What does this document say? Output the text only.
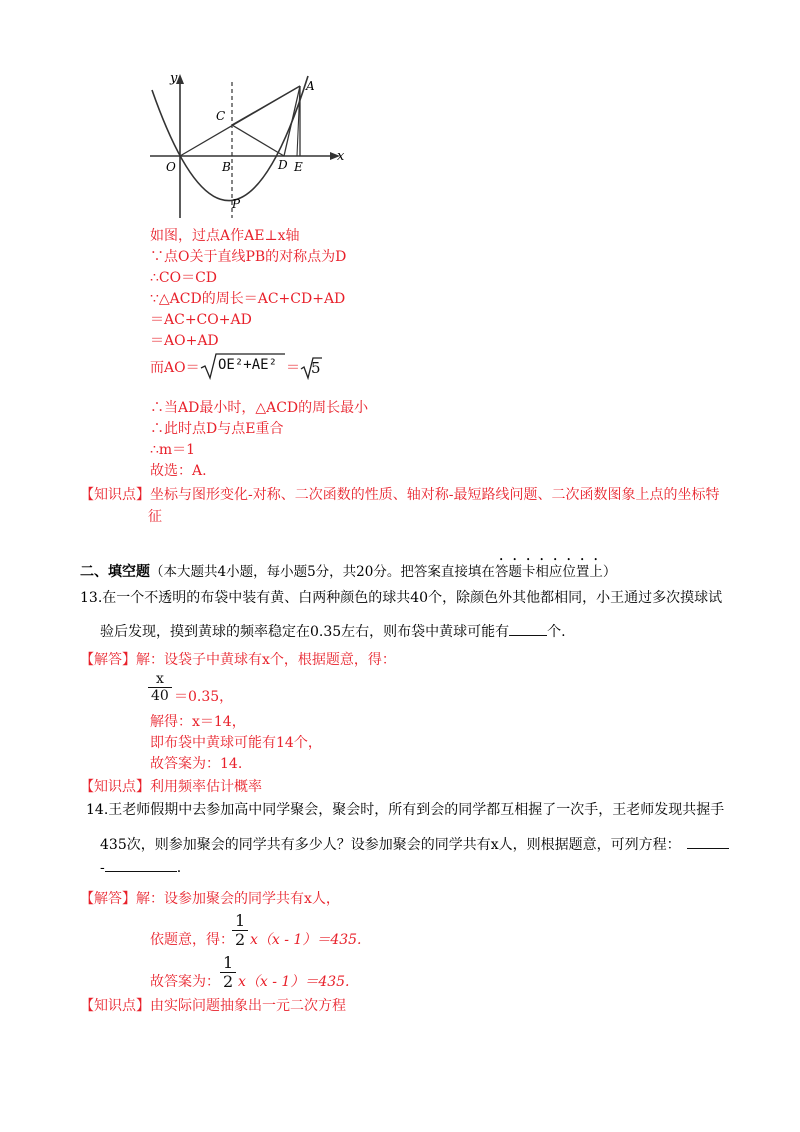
y
x
A
C
O	B	D E
P
如图，过点A作AE⊥x轴
∵点O关于直线PB的对称点为D
∴CO＝CD
∵△ACD的周长＝AC+CD+AD
＝AC+CO+AD
＝AO+AD
而AO＝ OE²+AE² ＝ 5
∴当AD最小时，△ACD的周长最小
∴此时点D与点E重合
∴m＝1
故选：A.
【知识点】坐标与图形变化-对称、二次函数的性质、轴对称-最短路线问题、二次函数图象上点的坐标特
征
二、填空题（本大题共4小题，每小题5分，共20分。把答案直接填在答题卡相应位置上）
13.在一个不透明的布袋中装有黄、白两种颜色的球共40个，除颜色外其他都相同，小王通过多次摸球试
验后发现，摸到黄球的频率稳定在0.35左右，则布袋中黄球可能有	个.
【解答】解：设袋子中黄球有x个，根据题意，得：
$\frac{x}{40} =0.35$，
解得：x＝14，
即布袋中黄球可能有14个，
故答案为：14.
【知识点】利用频率估计概率
14.王老师假期中去参加高中同学聚会，聚会时，所有到会的同学都互相握了一次手，王老师发现共握手
435次，则参加聚会的同学共有多少人？设参加聚会的同学共有x人，则根据题意，可列方程：
-	.
【解答】解：设参加聚会的同学共有x人，
依题意，得：
$\frac{1}{2} x(x - 1)=435$.
故答案为： $\frac{1}{2} x(x - 1)=435$.
【知识点】由实际问题抽象出一元二次方程
